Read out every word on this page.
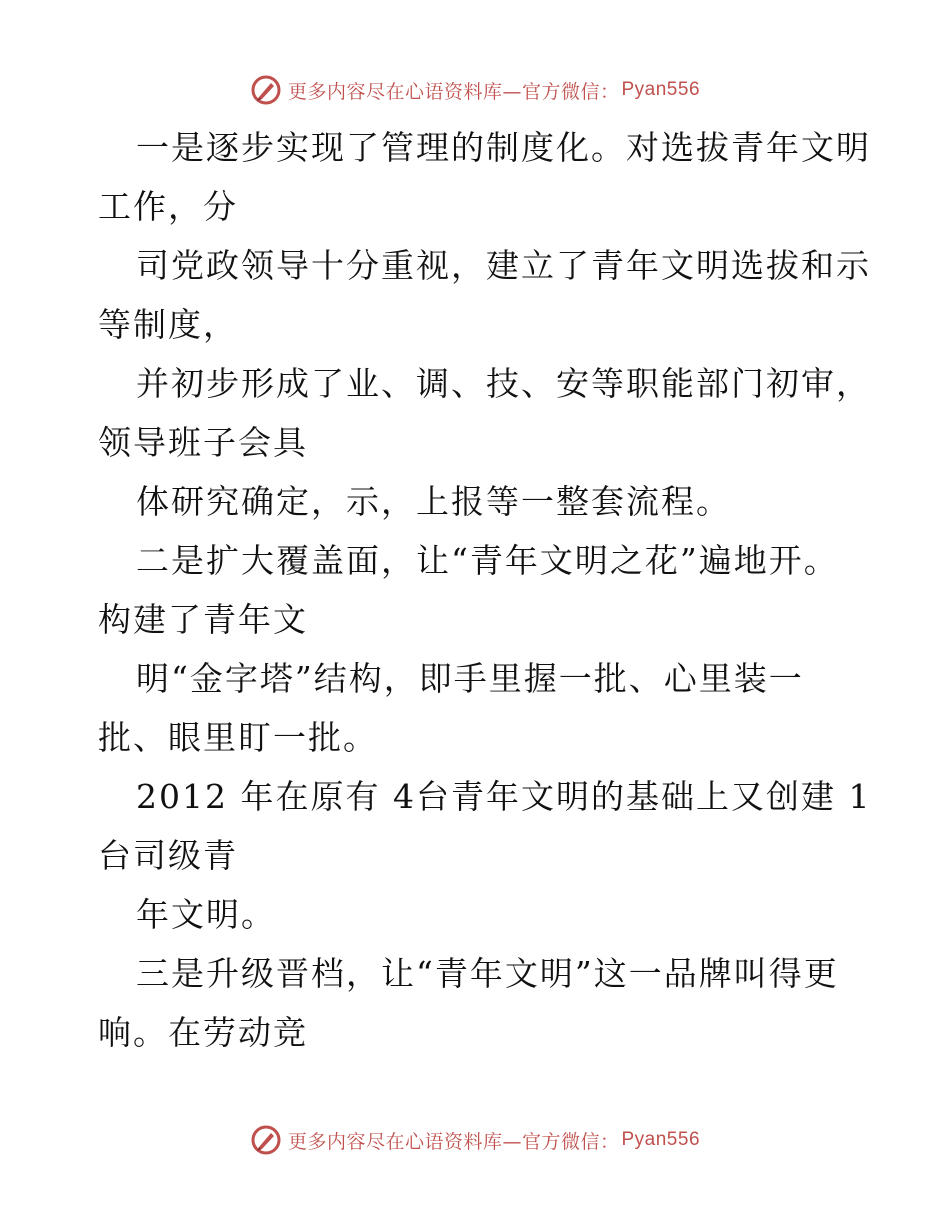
更多内容尽在心语资料库—官方微信： Pyan556
一是逐步实现了管理的制度化。对选拔青年文明
工作，分
司党政领导十分重视，建立了青年文明选拔和示
等制度，
并初步形成了业、调、技、安等职能部门初审，
领导班子会具
体研究确定，示，上报等一整套流程。
二是扩大覆盖面，让“青年文明之花”遍地开。
构建了青年文
明“金字塔”结构，即手里握一批、心里装一
批、眼里盯一批。
2012 年在原有 4台青年文明的基础上又创建 1
台司级青
年文明。
三是升级晋档，让“青年文明”这一品牌叫得更
响。在劳动竞
更多内容尽在心语资料库—官方微信： Pyan556
